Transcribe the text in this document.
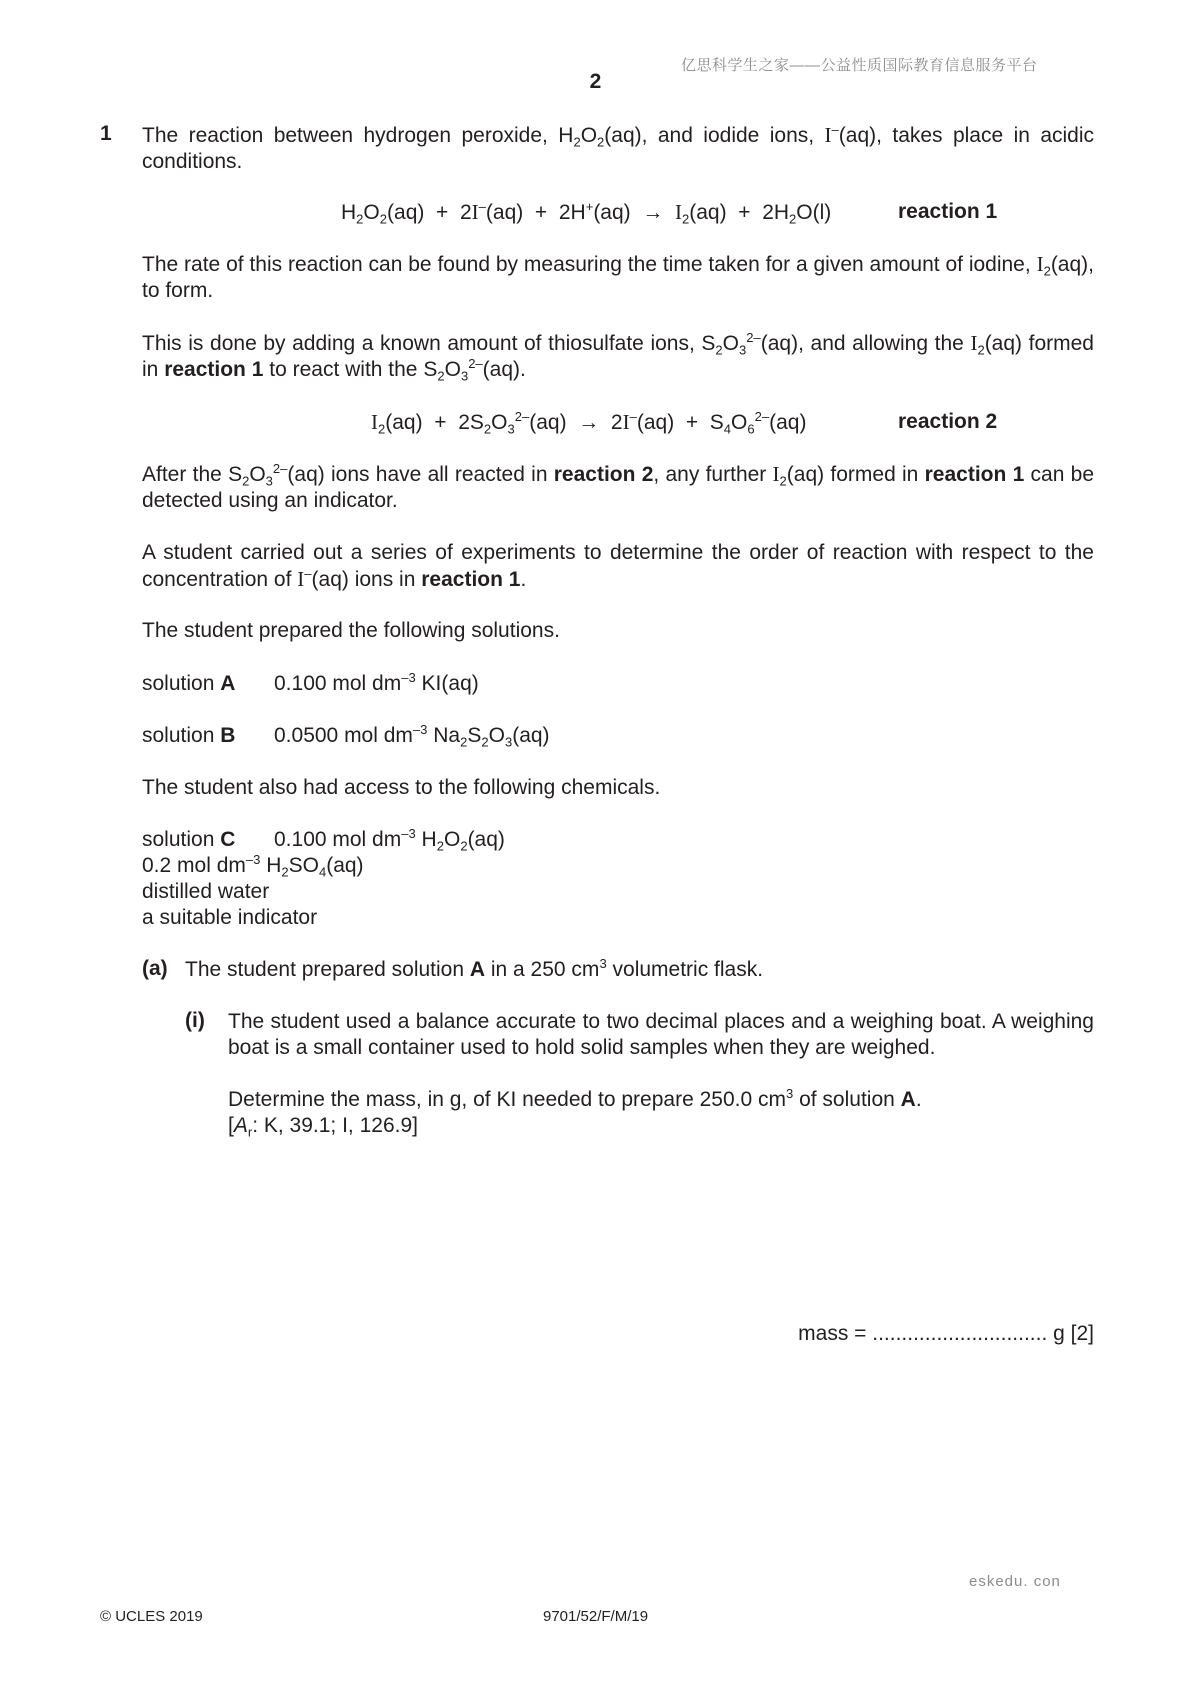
亿思科学生之家——公益性质国际教育信息服务平台
2
1 The reaction between hydrogen peroxide, $H_2O_2(aq)$, and iodide ions, I–(aq), takes place in acidic conditions.
$H_2O_2(aq) + 2I^-(aq) + 2H^+(aq) \to I_2(aq) + 2H_2O(l)$	reaction 1
The rate of this reaction can be found by measuring the time taken for a given amount of iodine, $I_2(aq)$, to form.
This is done by adding a known amount of thiosulfate ions, $S_2O_3^{2-}(aq)$, and allowing the $I_2(aq)$ formed in reaction 1 to react with the $S_2O_3^{2-}(aq)$.
$I_2(aq) + 2S_2O_3^{2-}(aq) \to 2I^-(aq) + S_4O_6^{2-}(aq)$	reaction 2
After the $S_2O_3^{2-}(aq)$ ions have all reacted in reaction 2, any further $I_2(aq)$ formed in reaction 1 can be detected using an indicator.
A student carried out a series of experiments to determine the order of reaction with respect to the concentration of I–(aq) ions in reaction 1.
The student prepared the following solutions.
solution A 0.100 mol $dm^{-3}$ KI(aq)
solution B 0.0500 mol $dm^{-3}$ $Na_2S_2O_3(aq)$
The student also had access to the following chemicals.
solution C 0.100 mol $dm^{-3}$ $H_2O_2(aq)$
0.2 mol $dm^{-3}$ $H_2SO_4(aq)$
distilled water
a suitable indicator
(a) The student prepared solution A in a 250 $cm^3$ volumetric flask.
(i) The student used a balance accurate to two decimal places and a weighing boat. A weighing boat is a small container used to hold solid samples when they are weighed.
Determine the mass, in g, of KI needed to prepare 250.0 $cm^3$ of solution A.
[$A_r$: K, 39.1; I, 126.9]
mass = .............................. g [2]
eskedu. con
© UCLES 2019	9701/52/F/M/19
